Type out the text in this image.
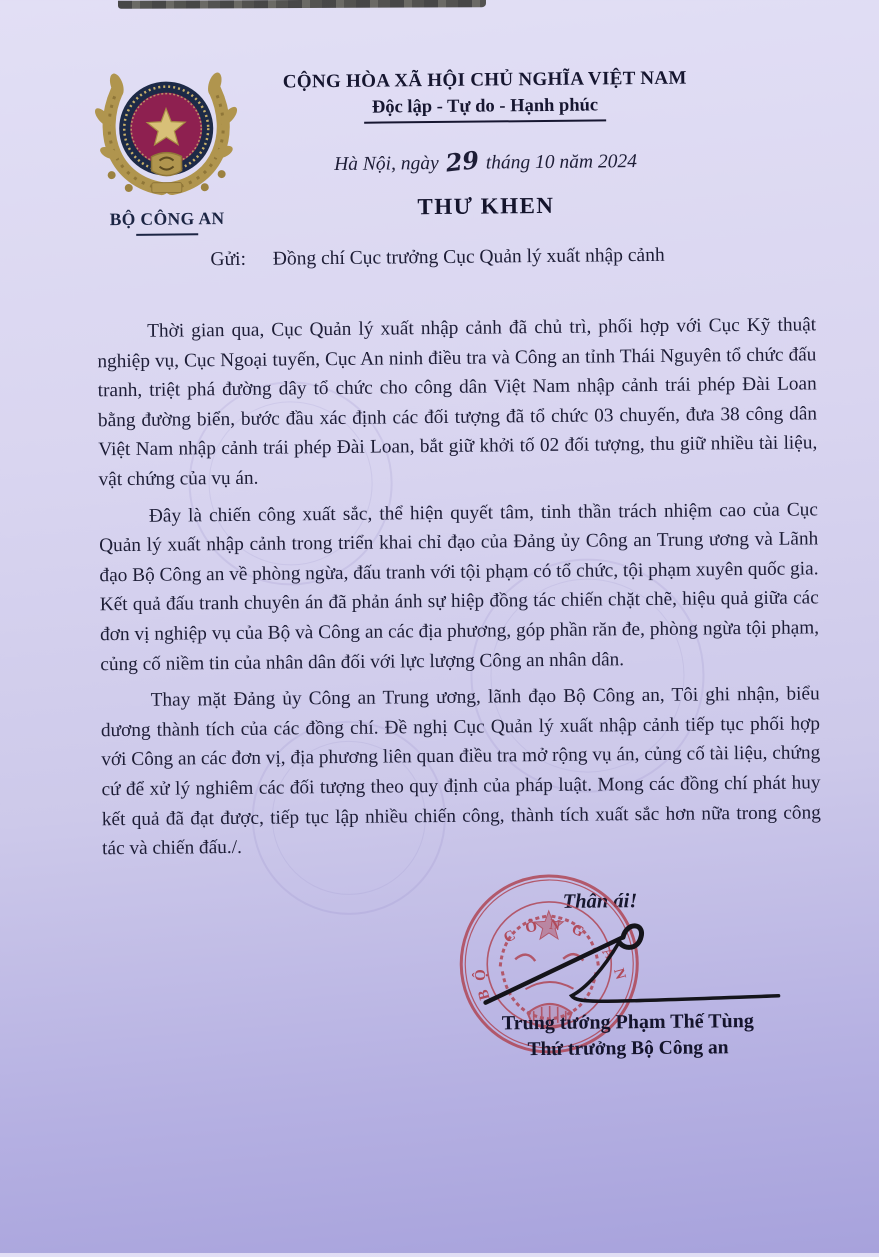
BỘ CÔNG AN
CỘNG HÒA XÃ HỘI CHỦ NGHĨA VIỆT NAM
Độc lập - Tự do - Hạnh phúc
Hà Nội, ngày 29 tháng 10 năm 2024
THƯ KHEN
Gửi: Đồng chí Cục trưởng Cục Quản lý xuất nhập cảnh

Thời gian qua, Cục Quản lý xuất nhập cảnh đã chủ trì, phối hợp với Cục Kỹ thuật nghiệp vụ, Cục Ngoại tuyến, Cục An ninh điều tra và Công an tỉnh Thái Nguyên tổ chức đấu tranh, triệt phá đường dây tổ chức cho công dân Việt Nam nhập cảnh trái phép Đài Loan bằng đường biển, bước đầu xác định các đối tượng đã tổ chức 03 chuyến, đưa 38 công dân Việt Nam nhập cảnh trái phép Đài Loan, bắt giữ khởi tố 02 đối tượng, thu giữ nhiều tài liệu, vật chứng của vụ án.

Đây là chiến công xuất sắc, thể hiện quyết tâm, tinh thần trách nhiệm cao của Cục Quản lý xuất nhập cảnh trong triển khai chỉ đạo của Đảng ủy Công an Trung ương và Lãnh đạo Bộ Công an về phòng ngừa, đấu tranh với tội phạm có tổ chức, tội phạm xuyên quốc gia. Kết quả đấu tranh chuyên án đã phản ánh sự hiệp đồng tác chiến chặt chẽ, hiệu quả giữa các đơn vị nghiệp vụ của Bộ và Công an các địa phương, góp phần răn đe, phòng ngừa tội phạm, củng cố niềm tin của nhân dân đối với lực lượng Công an nhân dân.

Thay mặt Đảng ủy Công an Trung ương, lãnh đạo Bộ Công an, Tôi ghi nhận, biểu dương thành tích của các đồng chí. Đề nghị Cục Quản lý xuất nhập cảnh tiếp tục phối hợp với Công an các đơn vị, địa phương liên quan điều tra mở rộng vụ án, củng cố tài liệu, chứng cứ để xử lý nghiêm các đối tượng theo quy định của pháp luật. Mong các đồng chí phát huy kết quả đã đạt được, tiếp tục lập nhiều chiến công, thành tích xuất sắc hơn nữa trong công tác và chiến đấu./.

Thân ái!
CÔNG AN
BỘ
Trung tướng Phạm Thế Tùng
Thứ trưởng Bộ Công an
